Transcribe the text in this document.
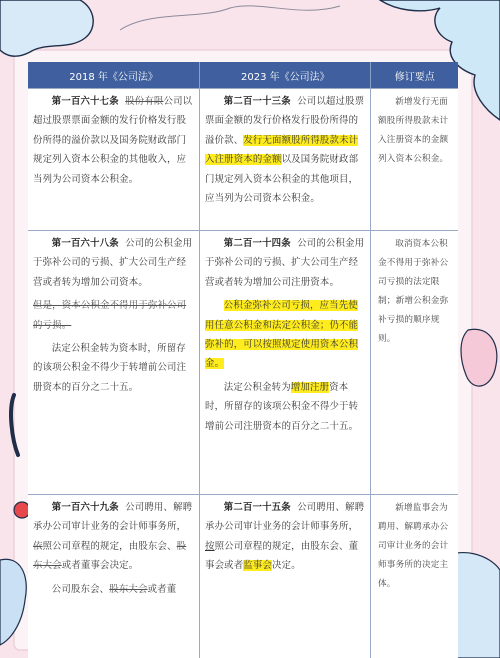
2018 年《公司法》	2023 年《公司法》	修订要点

第一百六十七条 股份有限公司以超过股票票面金额的发行价格发行股份所得的溢价款以及国务院财政部门规定列入资本公积金的其他收入，应当列为公司资本公积金。

第二百一十三条 公司以超过股票票面金额的发行价格发行股份所得的溢价款、发行无面额股所得股款未计入注册资本的金额以及国务院财政部门规定列入资本公积金的其他项目，应当列为公司资本公积金。

新增发行无面额股所得股款未计入注册资本的金额列入资本公积金。

第一百六十八条 公司的公积金用于弥补公司的亏损、扩大公司生产经营或者转为增加公司资本。

但是，资本公积金不得用于弥补公司的亏损。

法定公积金转为资本时，所留存的该项公积金不得少于转增前公司注册资本的百分之二十五。

第二百一十四条 公司的公积金用于弥补公司的亏损、扩大公司生产经营或者转为增加公司注册资本。

公积金弥补公司亏损，应当先使用任意公积金和法定公积金；仍不能弥补的，可以按照规定使用资本公积金。

法定公积金转为增加注册资本时，所留存的该项公积金不得少于转增前公司注册资本的百分之二十五。

取消资本公积金不得用于弥补公司亏损的法定限制；新增公积金弥补亏损的顺序规则。

第一百六十九条 公司聘用、解聘承办公司审计业务的会计师事务所，依照公司章程的规定，由股东会、股东大会或者董事会决定。

公司股东会、股东大会或者董

第二百一十五条 公司聘用、解聘承办公司审计业务的会计师事务所，按照公司章程的规定，由股东会、董事会或者监事会决定。

新增监事会为聘用、解聘承办公司审计业务的会计师事务所的决定主体。
